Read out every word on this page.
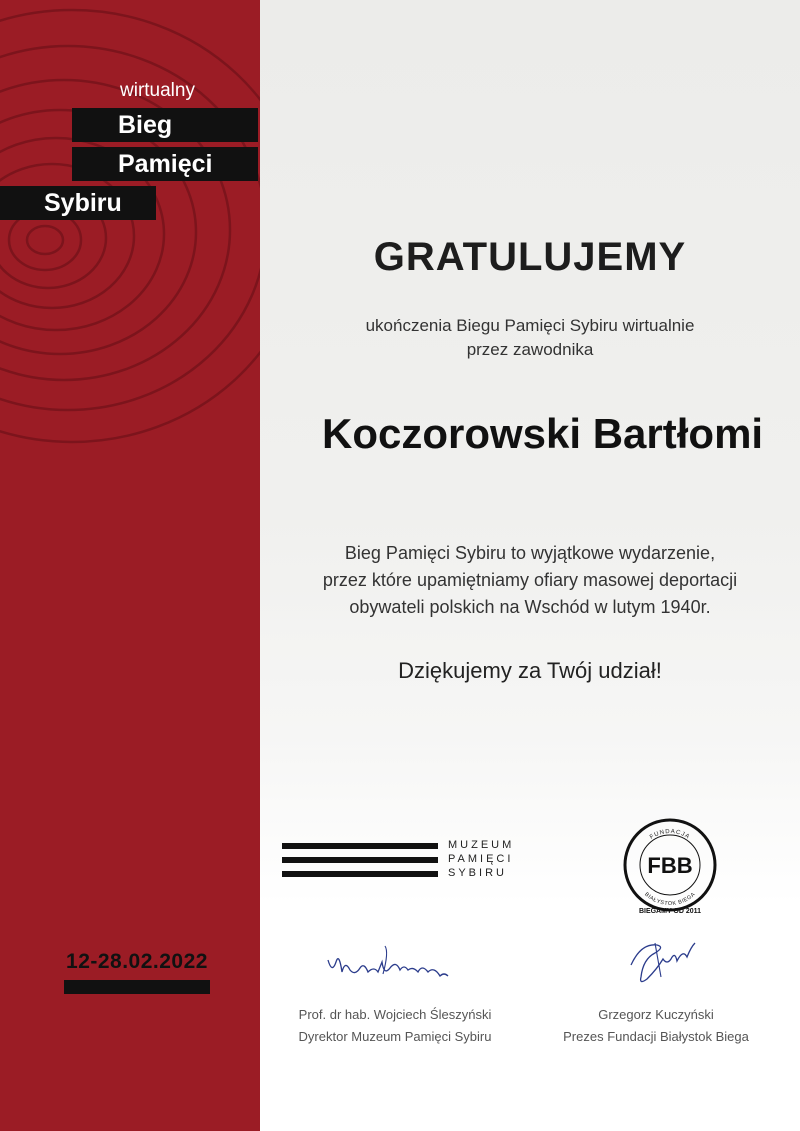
wirtualny
Bieg
Pamięci
Sybiru
12-28.02.2022
GRATULUJEMY
ukończenia Biegu Pamięci Sybiru wirtualnie
przez zawodnika
Koczorowski Bartłomi
Bieg Pamięci Sybiru to wyjątkowe wydarzenie,
przez które upamiętniamy ofiary masowej deportacji
obywateli polskich na Wschód w lutym 1940r.
Dziękujemy za Twój udział!
MUZEUM
PAMIĘCI
SYBIRU
FUNDACJA
BIAŁYSTOK BIEGA
FBB
BIEGAMY OD 2011
Prof. dr hab. Wojciech Śleszyński
Dyrektor Muzeum Pamięci Sybiru
Grzegorz Kuczyński
Prezes Fundacji Białystok Biega
